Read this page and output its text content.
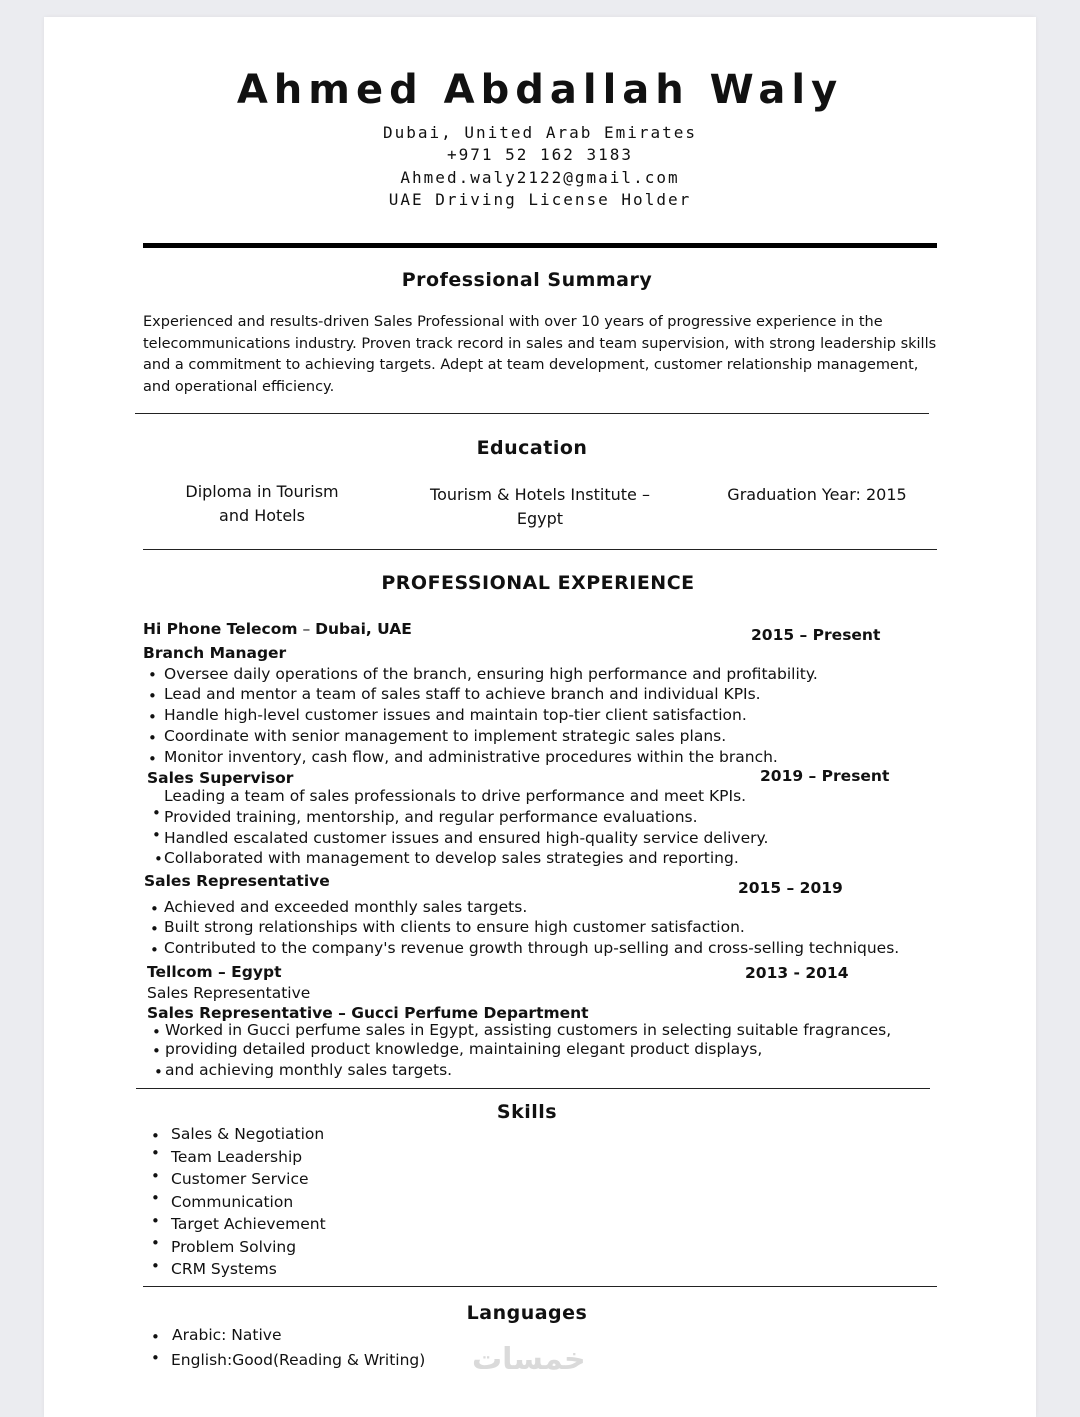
Ahmed Abdallah Waly
Dubai, United Arab Emirates
+971 52 162 3183
Ahmed.waly2122@gmail.com
UAE Driving License Holder
Professional Summary
Experienced and results-driven Sales Professional with over 10 years of progressive experience in the telecommunications industry. Proven track record in sales and team supervision, with strong leadership skills and a commitment to achieving targets. Adept at team development, customer relationship management, and operational efficiency.
Education
Diploma in Tourism and Hotels
Tourism & Hotels Institute – Egypt
Graduation Year: 2015
PROFESSIONAL EXPERIENCE
Hi Phone Telecom – Dubai, UAE	2015 – Present
Branch Manager
• Oversee daily operations of the branch, ensuring high performance and profitability.
• Lead and mentor a team of sales staff to achieve branch and individual KPIs.
• Handle high-level customer issues and maintain top-tier client satisfaction.
• Coordinate with senior management to implement strategic sales plans.
• Monitor inventory, cash flow, and administrative procedures within the branch.
Sales Supervisor	2019 – Present
Leading a team of sales professionals to drive performance and meet KPIs.
• Provided training, mentorship, and regular performance evaluations.
• Handled escalated customer issues and ensured high-quality service delivery.
• Collaborated with management to develop sales strategies and reporting.
Sales Representative	2015 – 2019
• Achieved and exceeded monthly sales targets.
• Built strong relationships with clients to ensure high customer satisfaction.
• Contributed to the company's revenue growth through up-selling and cross-selling techniques.
Tellcom – Egypt	2013 - 2014
Sales Representative
Sales Representative – Gucci Perfume Department
• Worked in Gucci perfume sales in Egypt, assisting customers in selecting suitable fragrances,
• providing detailed product knowledge, maintaining elegant product displays,
• and achieving monthly sales targets.
Skills
• Sales & Negotiation
• Team Leadership
• Customer Service
• Communication
• Target Achievement
• Problem Solving
• CRM Systems
Languages
• Arabic: Native
• English:Good(Reading & Writing) خمسات
